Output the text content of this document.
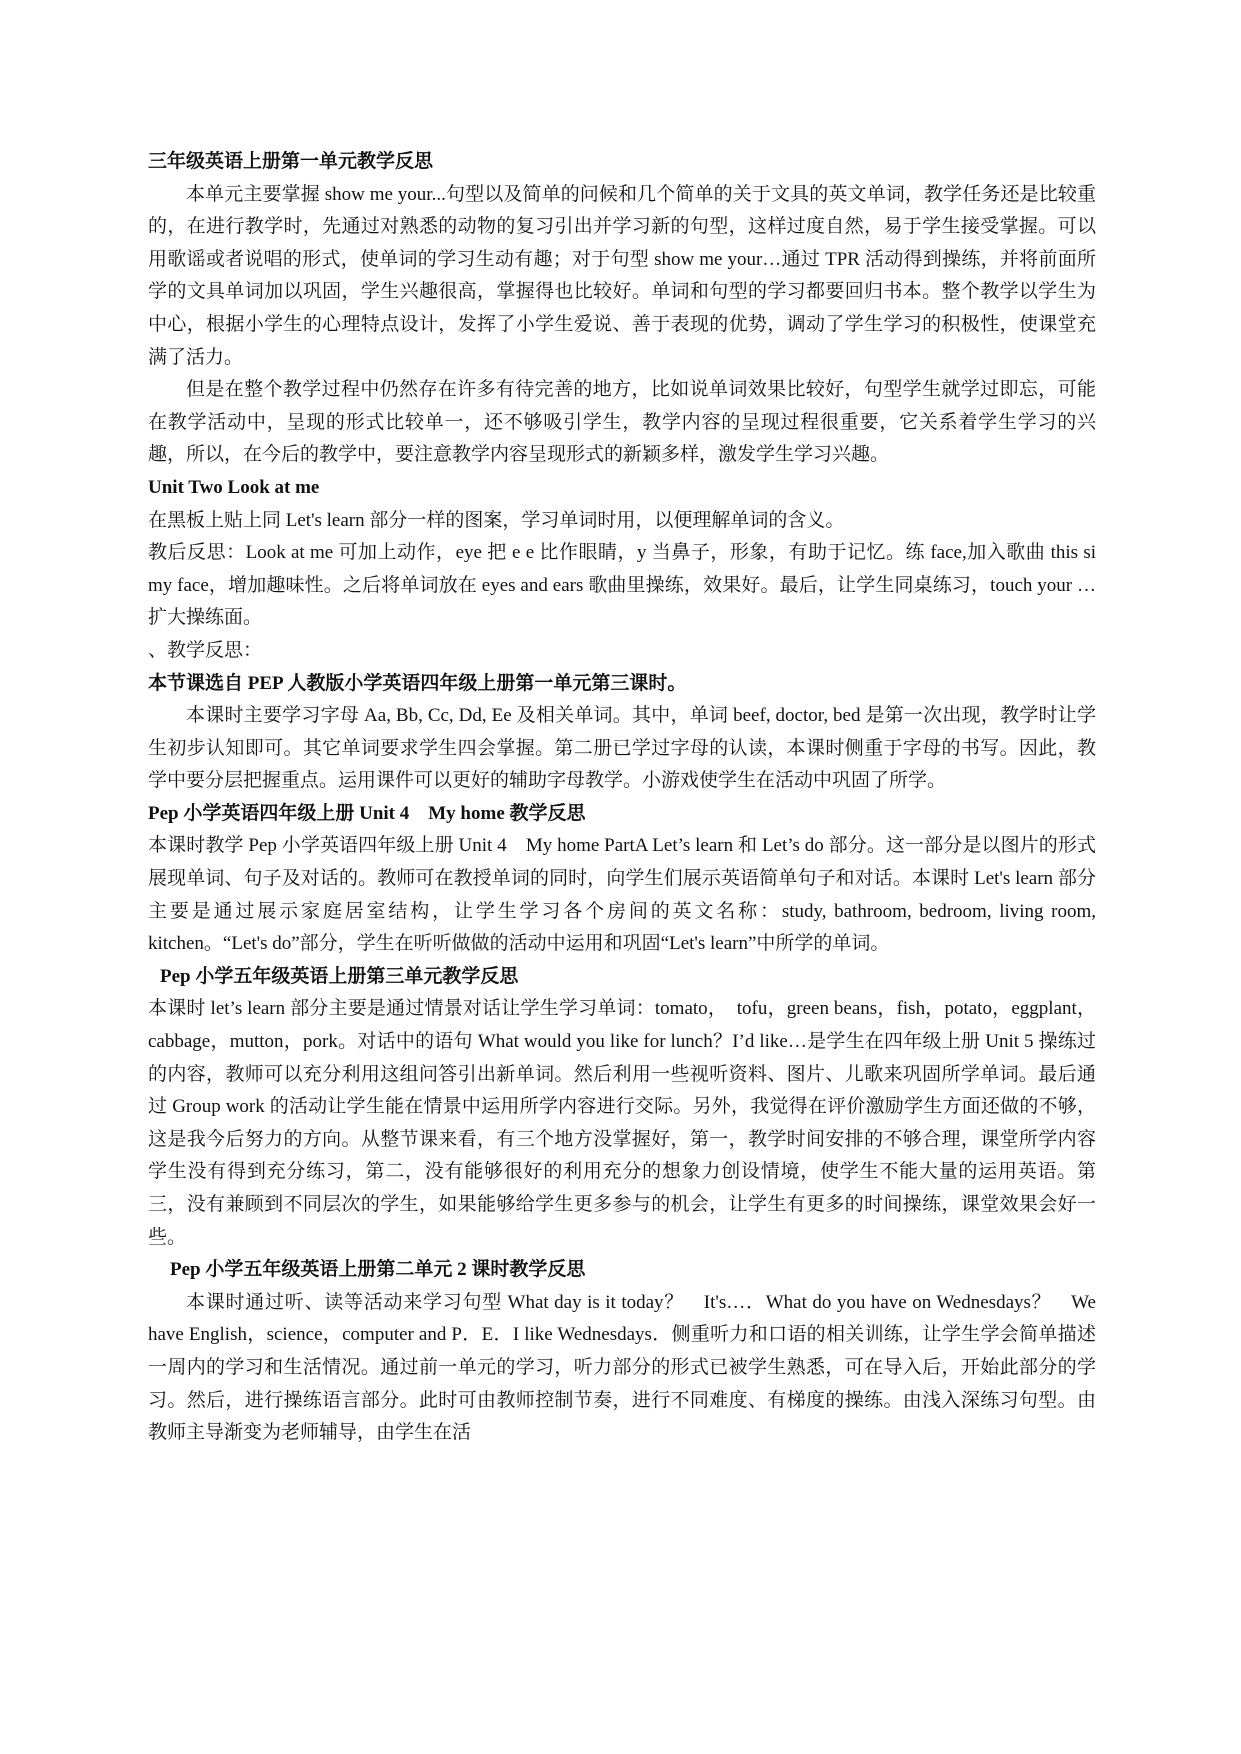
三年级英语上册第一单元教学反思

本单元主要掌握 show me your...句型以及简单的问候和几个简单的关于文具的英文单词，教学任务还是比较重的，在进行教学时，先通过对熟悉的动物的复习引出并学习新的句型，这样过度自然，易于学生接受掌握。可以用歌谣或者说唱的形式，使单词的学习生动有趣；对于句型 show me your…通过 TPR 活动得到操练，并将前面所学的文具单词加以巩固，学生兴趣很高，掌握得也比较好。单词和句型的学习都要回归书本。整个教学以学生为中心，根据小学生的心理特点设计，发挥了小学生爱说、善于表现的优势，调动了学生学习的积极性，使课堂充满了活力。

但是在整个教学过程中仍然存在许多有待完善的地方，比如说单词效果比较好，句型学生就学过即忘，可能在教学活动中，呈现的形式比较单一，还不够吸引学生，教学内容的呈现过程很重要，它关系着学生学习的兴趣，所以，在今后的教学中，要注意教学内容呈现形式的新颖多样，激发学生学习兴趣。

Unit Two Look at me

在黑板上贴上同 Let's learn 部分一样的图案，学习单词时用，以便理解单词的含义。

教后反思：Look at me 可加上动作，eye 把 e e 比作眼睛，y 当鼻子，形象，有助于记忆。练 face,加入歌曲 this si my face，增加趣味性。之后将单词放在 eyes and ears 歌曲里操练，效果好。最后，让学生同桌练习，touch your …扩大操练面。

、教学反思：

本节课选自 PEP 人教版小学英语四年级上册第一单元第三课时。

本课时主要学习字母 Aa, Bb, Cc, Dd, Ee 及相关单词。其中，单词 beef, doctor, bed 是第一次出现，教学时让学生初步认知即可。其它单词要求学生四会掌握。第二册已学过字母的认读，本课时侧重于字母的书写。因此，教学中要分层把握重点。运用课件可以更好的辅助字母教学。小游戏使学生在活动中巩固了所学。

Pep 小学英语四年级上册 Unit 4　My home 教学反思

本课时教学 Pep 小学英语四年级上册 Unit 4　My home PartA Let’s learn 和 Let’s do 部分。这一部分是以图片的形式展现单词、句子及对话的。教师可在教授单词的同时，向学生们展示英语简单句子和对话。本课时 Let's learn 部分主要是通过展示家庭居室结构，让学生学习各个房间的英文名称：study, bathroom, bedroom, living room, kitchen。“Let's do”部分，学生在听听做做的活动中运用和巩固“Let's learn”中所学的单词。

Pep 小学五年级英语上册第三单元教学反思

本课时 let’s learn 部分主要是通过情景对话让学生学习单词：tomato，　tofu，green beans，fish，potato，eggplant，cabbage，mutton，pork。对话中的语句 What would you like for lunch？I’d like…是学生在四年级上册 Unit 5 操练过的内容，教师可以充分利用这组问答引出新单词。然后利用一些视听资料、图片、儿歌来巩固所学单词。最后通过 Group work 的活动让学生能在情景中运用所学内容进行交际。另外，我觉得在评价激励学生方面还做的不够，这是我今后努力的方向。从整节课来看，有三个地方没掌握好，第一，教学时间安排的不够合理，课堂所学内容学生没有得到充分练习，第二，没有能够很好的利用充分的想象力创设情境，使学生不能大量的运用英语。第　　三，没有兼顾到不同层次的学生，如果能够给学生更多参与的机会，让学生有更多的时间操练，课堂效果会好一些。

Pep 小学五年级英语上册第二单元 2 课时教学反思

本课时通过听、读等活动来学习句型 What day is it today？　It's…．What do you have on Wednesdays？　We have English，science，computer and P．E．I like Wednesdays．侧重听力和口语的相关训练，让学生学会简单描述一周内的学习和生活情况。通过前一单元的学习，听力部分的形式已被学生熟悉，可在导入后，开始此部分的学习。然后，进行操练语言部分。此时可由教师控制节奏，进行不同难度、有梯度的操练。由浅入深练习句型。由教师主导渐变为老师辅导，由学生在活
